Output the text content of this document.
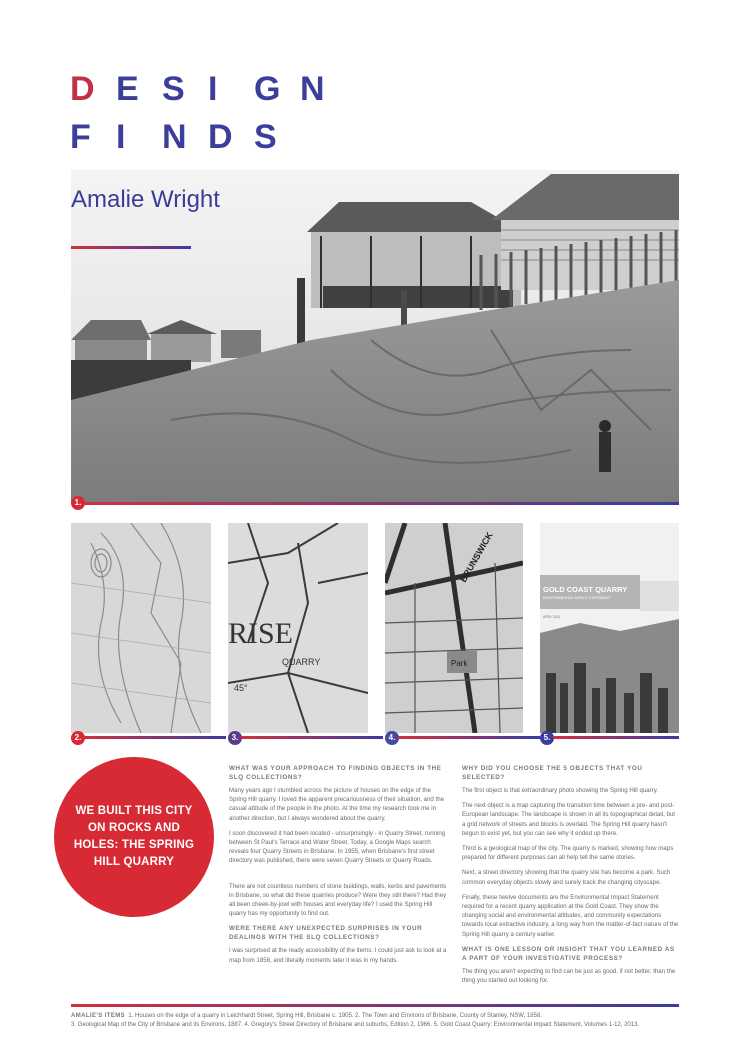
D E S I	G N
F I	N D S
Amalie Wright
1.
2.
RISE
QUARRY
45°
3.
Park
BRUNSWICK
4.
GOLD COAST QUARRY
ENVIRONMENTAL IMPACT STATEMENT
APRIL 2013
5.
WE BUILT THIS CITY ON ROCKS AND HOLES: THE SPRING HILL QUARRY
WHAT WAS YOUR APPROACH TO FINDING OBJECTS IN THE SLQ COLLECTIONS?

Many years ago I stumbled across the picture of houses on the edge of the Spring Hill quarry. I loved the apparent precariousness of their situation, and the casual attitude of the people in the photo. At the time my research took me in another direction, but I always wondered about the quarry.

I soon discovered it had been located - unsurprisingly - in Quarry Street, running between St Paul's Terrace and Water Street. Today, a Google Maps search reveals four Quarry Streets in Brisbane. In 1955, when Brisbane's first street directory was published, there were seven Quarry Streets or Quarry Roads.

There are not countless numbers of stone buildings, walls, kerbs and pavements in Brisbane, so what did these quarries produce? Were they still there? Had they all been cheek-by-jowl with houses and everyday life? I used the Spring Hill quarry has my opportunity to find out.

WERE THERE ANY UNEXPECTED SURPRISES IN YOUR DEALINGS WITH THE SLQ COLLECTIONS?

I was surprised at the ready accessibility of the items: I could just ask to look at a map from 1858, and literally moments later it was in my hands.

WHY DID YOU CHOOSE THE 5 OBJECTS THAT YOU SELECTED?

The first object is that extraordinary photo showing the Spring Hill quarry.

The next object is a map capturing the transition time between a pre- and post-European landscape. The landscape is shown in all its topographical detail, but a grid network of streets and blocks is overlaid. The Spring Hill quarry hasn't begun to exist yet, but you can see why it ended up there.

Third is a geological map of the city. The quarry is marked, showing how maps prepared for different purposes can all help tell the same stories.

Next, a street directory showing that the quarry site has become a park. Such common everyday objects slowly and surely track the changing cityscape.

Finally, these twelve documents are the Environmental Impact Statement required for a recent quarry application at the Gold Coast. They show the changing social and environmental attitudes, and community expectations towards local extractive industry, a long way from the matter-of-fact nature of the Spring Hill quarry a century earlier.

WHAT IS ONE LESSON OR INSIGHT THAT YOU LEARNED AS A PART OF YOUR INVESTIGATIVE PROCESS?

The thing you aren't expecting to find can be just as good, if not better, than the thing you started out looking for.

AMALIE'S ITEMS 1. Houses on the edge of a quarry in Leichhardt Street, Spring Hill, Brisbane c. 1905. 2. The Town and Environs of Brisbane, County of Stanley, NSW, 1858.
3. Geological Map of the City of Brisbane and its Environs, 1887. 4. Gregory's Street Directory of Brisbane and suburbs, Edition 2, 1966. 5. Gold Coast Quarry: Environmental Impact Statement, Volumes 1-12, 2013.
